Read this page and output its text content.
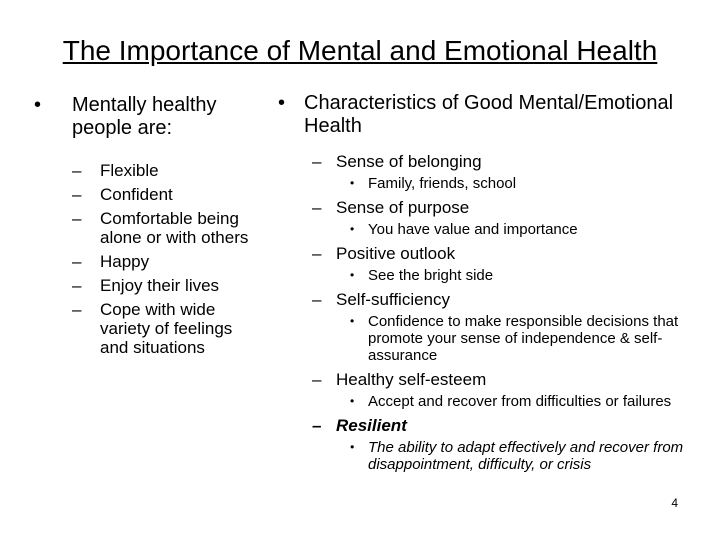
The Importance of Mental and Emotional Health
• Mentally healthy people are:
– Flexible
– Confident
– Comfortable being alone or with others
– Happy
– Enjoy their lives
– Cope with wide variety of feelings and situations
• Characteristics of Good Mental/Emotional Health
– Sense of belonging
• Family, friends, school
– Sense of purpose
• You have value and importance
– Positive outlook
• See the bright side
– Self-sufficiency
• Confidence to make responsible decisions that promote your sense of independence & self-assurance
– Healthy self-esteem
• Accept and recover from difficulties or failures
– Resilient
• The ability to adapt effectively and recover from disappointment, difficulty, or crisis
4
